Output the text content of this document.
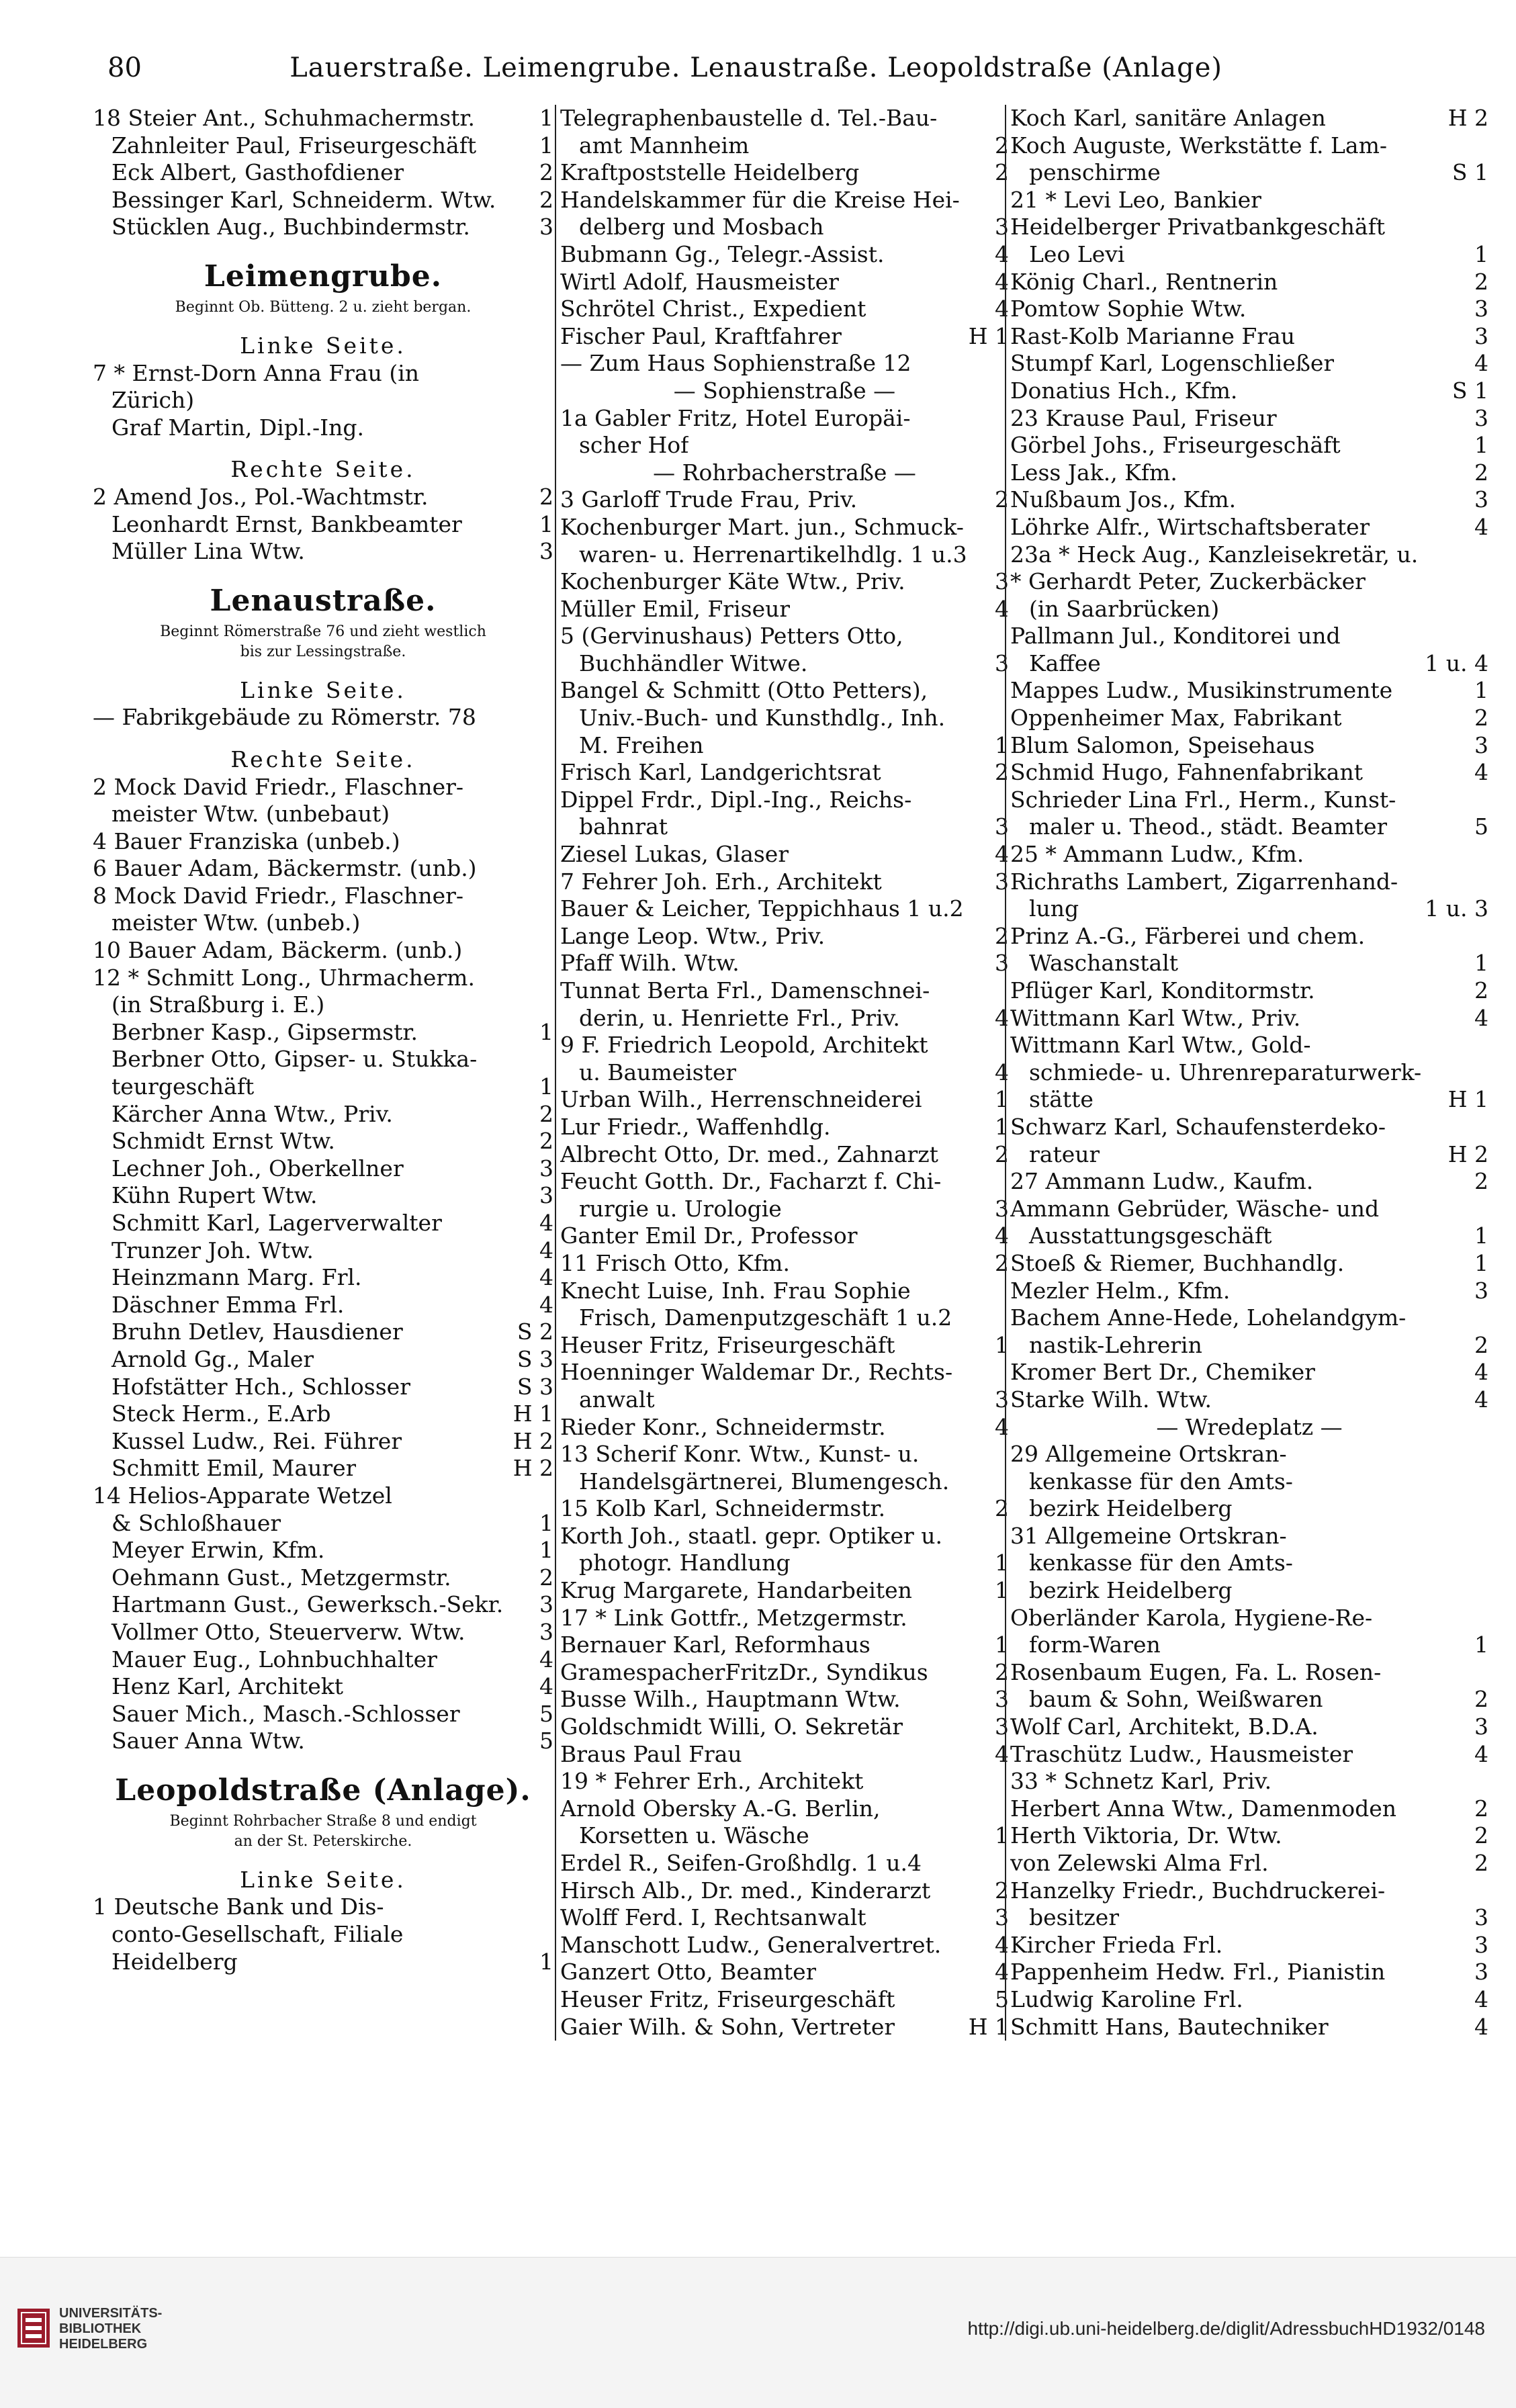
80	Lauerstraße. Leimengrube. Lenaustraße. Leopoldstraße (Anlage)
18 Steier Ant., Schuhmachermstr.	1
Zahnleiter Paul, Friseurgeschäft	1
Eck Albert, Gasthofdiener	2
Bessinger Karl, Schneiderm. Wtw. 2
Stücklen Aug., Buchbindermstr.	3
Leimengrube.
Beginnt Ob. Bütteng. 2 u. zieht bergan.
Linke Seite.
7 * Ernst-Dorn Anna Frau (in
Zürich)
Graf Martin, Dipl.-Ing.
Rechte Seite.
2 Amend Jos., Pol.-Wachtmstr.	2
Leonhardt Ernst, Bankbeamter	1
Müller Lina Wtw.	3
Lenaustraße.
Beginnt Römerstraße 76 und zieht westlich
bis zur Lessingstraße.
Linke Seite.
— Fabrikgebäude zu Römerstr. 78
Rechte Seite.
2 Mock David Friedr., Flaschner-
meister Wtw. (unbebaut)
4 Bauer Franziska (unbeb.)
6 Bauer Adam, Bäckermstr. (unb.)
8 Mock David Friedr., Flaschner-
meister Wtw. (unbeb.)
10 Bauer Adam, Bäckerm. (unb.)
12 * Schmitt Long., Uhrmacherm.
(in Straßburg i. E.)
Berbner Kasp., Gipsermstr.	1
Berbner Otto, Gipser- u. Stukka-
teurgeschäft	1
Kärcher Anna Wtw., Priv.	2
Schmidt Ernst Wtw.	2
Lechner Joh., Oberkellner	3
Kühn Rupert Wtw.	3
Schmitt Karl, Lagerverwalter	4
Trunzer Joh. Wtw.	4
Heinzmann Marg. Frl.	4
Däschner Emma Frl.	4
Bruhn Detlev, Hausdiener	S 2
Arnold Gg., Maler	S 3
Hofstätter Hch., Schlosser	S 3
Steck Herm., E.Arb	H 1
Kussel Ludw., Rei. Führer	H 2
Schmitt Emil, Maurer	H 2
14 Helios-Apparate Wetzel
& Schloßhauer	1
Meyer Erwin, Kfm.	1
Oehmann Gust., Metzgermstr.	2
Hartmann Gust., Gewerksch.-Sekr. 3
Vollmer Otto, Steuerverw. Wtw.	3
Mauer Eug., Lohnbuchhalter	4
Henz Karl, Architekt	4
Sauer Mich., Masch.-Schlosser	5
Sauer Anna Wtw.	5
Leopoldstraße (Anlage).
Beginnt Rohrbacher Straße 8 und endigt
an der St. Peterskirche.
Linke Seite.
1 Deutsche Bank und Dis-
conto-Gesellschaft, Filiale
Heidelberg	1
Telegraphenbaustelle d. Tel.-Bau-
amt Mannheim	2
Kraftpoststelle Heidelberg	2
Handelskammer für die Kreise Hei-
delberg und Mosbach	3
Bubmann Gg., Telegr.-Assist.	4
Wirtl Adolf, Hausmeister	4
Schrötel Christ., Expedient	4
Fischer Paul, Kraftfahrer	H 1
— Zum Haus Sophienstraße 12
— Sophienstraße —
1a Gabler Fritz, Hotel Europäi-
scher Hof
— Rohrbacherstraße —
3 Garloff Trude Frau, Priv.	2
Kochenburger Mart. jun., Schmuck-
waren- u. Herrenartikelhdlg. 1 u.3
Kochenburger Käte Wtw., Priv.	3
Müller Emil, Friseur	4
5 (Gervinushaus) Petters Otto,
Buchhändler Witwe.	3
Bangel & Schmitt (Otto Petters),
Univ.-Buch- und Kunsthdlg., Inh.
M. Freihen	1
Frisch Karl, Landgerichtsrat	2
Dippel Frdr., Dipl.-Ing., Reichs-
bahnrat	3
Ziesel Lukas, Glaser	4
7 Fehrer Joh. Erh., Architekt	3
Bauer & Leicher, Teppichhaus 1 u.2
Lange Leop. Wtw., Priv.	2
Pfaff Wilh. Wtw.	3
Tunnat Berta Frl., Damenschnei-
derin, u. Henriette Frl., Priv.	4
9 F. Friedrich Leopold, Architekt
u. Baumeister	4
Urban Wilh., Herrenschneiderei	1
Lur Friedr., Waffenhdlg.	1
Albrecht Otto, Dr. med., Zahnarzt	2
Feucht Gotth. Dr., Facharzt f. Chi-
rurgie u. Urologie	3
Ganter Emil Dr., Professor	4
11 Frisch Otto, Kfm.	2
Knecht Luise, Inh. Frau Sophie
Frisch, Damenputzgeschäft 1 u.2
Heuser Fritz, Friseurgeschäft	1
Hoenninger Waldemar Dr., Rechts-
anwalt	3
Rieder Konr., Schneidermstr.	4
13 Scherif Konr. Wtw., Kunst- u.
Handelsgärtnerei, Blumengesch.
15 Kolb Karl, Schneidermstr.	2
Korth Joh., staatl. gepr. Optiker u.
photogr. Handlung	1
Krug Margarete, Handarbeiten	1
17 * Link Gottfr., Metzgermstr.
Bernauer Karl, Reformhaus	1
GramespacherFritzDr., Syndikus	2
Busse Wilh., Hauptmann Wtw.	3
Goldschmidt Willi, O. Sekretär	3
Braus Paul Frau	4
19 * Fehrer Erh., Architekt
Arnold Obersky A.-G. Berlin,
Korsetten u. Wäsche	1
Erdel R., Seifen-Großhdlg. 1 u.4
Hirsch Alb., Dr. med., Kinderarzt	2
Wolff Ferd. I, Rechtsanwalt	3
Manschott Ludw., Generalvertret. 4
Ganzert Otto, Beamter	4
Heuser Fritz, Friseurgeschäft	5
Gaier Wilh. & Sohn, Vertreter	H 1
Koch Karl, sanitäre Anlagen	H 2
Koch Auguste, Werkstätte f. Lam-
penschirme	S 1
21 * Levi Leo, Bankier
Heidelberger Privatbankgeschäft
Leo Levi	1
König Charl., Rentnerin	2
Pomtow Sophie Wtw.	3
Rast-Kolb Marianne Frau	3
Stumpf Karl, Logenschließer	4
Donatius Hch., Kfm.	S 1
23 Krause Paul, Friseur	3
Görbel Johs., Friseurgeschäft	1
Less Jak., Kfm.	2
Nußbaum Jos., Kfm.	3
Löhrke Alfr., Wirtschaftsberater	4
23a * Heck Aug., Kanzleisekretär, u.
* Gerhardt Peter, Zuckerbäcker
(in Saarbrücken)
Pallmann Jul., Konditorei und
Kaffee	1 u. 4
Mappes Ludw., Musikinstrumente	1
Oppenheimer Max, Fabrikant	2
Blum Salomon, Speisehaus	3
Schmid Hugo, Fahnenfabrikant	4
Schrieder Lina Frl., Herm., Kunst-
maler u. Theod., städt. Beamter	5
25 * Ammann Ludw., Kfm.
Richraths Lambert, Zigarrenhand-
lung	1 u. 3
Prinz A.-G., Färberei und chem.
Waschanstalt	1
Pflüger Karl, Konditormstr.	2
Wittmann Karl Wtw., Priv.	4
Wittmann Karl Wtw., Gold-
schmiede- u. Uhrenreparaturwerk-
stätte	H 1
Schwarz Karl, Schaufensterdeko-
rateur	H 2
27 Ammann Ludw., Kaufm.	2
Ammann Gebrüder, Wäsche- und
Ausstattungsgeschäft	1
Stoeß & Riemer, Buchhandlg.	1
Mezler Helm., Kfm.	3
Bachem Anne-Hede, Lohelandgym-
nastik-Lehrerin	2
Kromer Bert Dr., Chemiker	4
Starke Wilh. Wtw.	4
— Wredeplatz —
29 Allgemeine Ortskran-
kenkasse für den Amts-
bezirk Heidelberg
31 Allgemeine Ortskran-
kenkasse für den Amts-
bezirk Heidelberg
Oberländer Karola, Hygiene-Re-
form-Waren	1
Rosenbaum Eugen, Fa. L. Rosen-
baum & Sohn, Weißwaren	2
Wolf Carl, Architekt, B.D.A.	3
Traschütz Ludw., Hausmeister	4
33 * Schnetz Karl, Priv.
Herbert Anna Wtw., Damenmoden	2
Herth Viktoria, Dr. Wtw.	2
von Zelewski Alma Frl.	2
Hanzelky Friedr., Buchdruckerei-
besitzer	3
Kircher Frieda Frl.	3
Pappenheim Hedw. Frl., Pianistin	3
Ludwig Karoline Frl.	4
Schmitt Hans, Bautechniker	4
UNIVERSITÄTS-
BIBLIOTHEK
HEIDELBERG
http://digi.ub.uni-heidelberg.de/diglit/AdressbuchHD1932/0148
